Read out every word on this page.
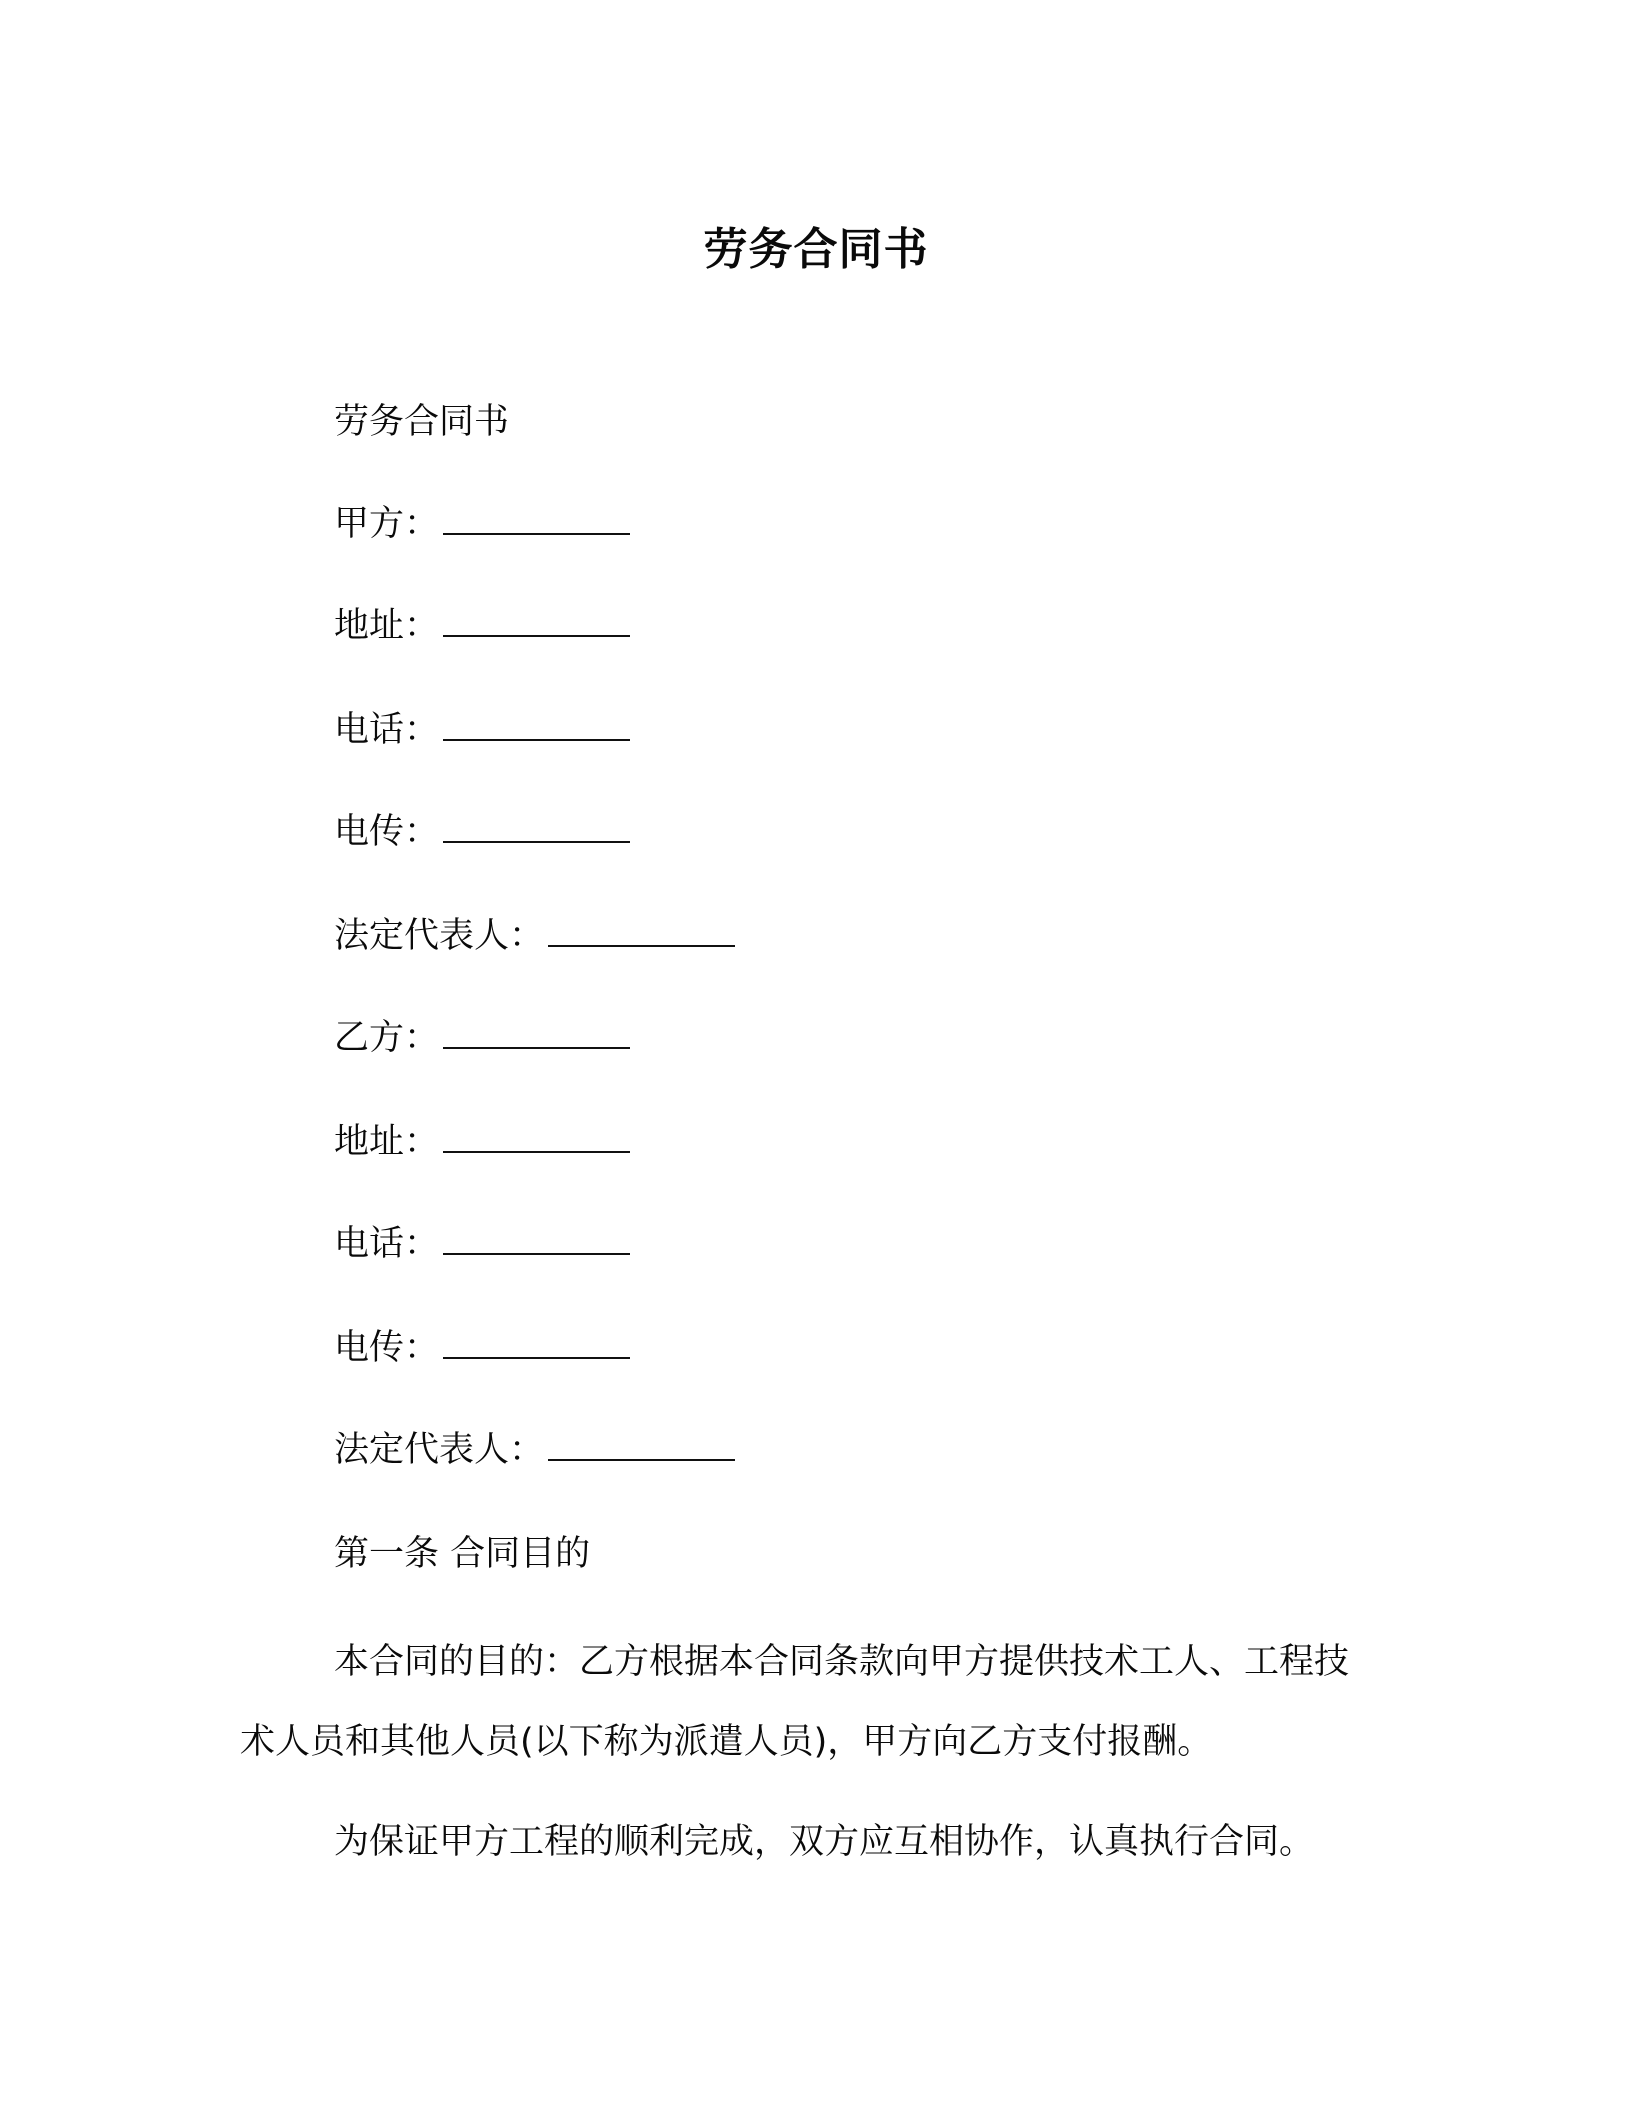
劳务合同书
劳务合同书
甲方：
地址：
电话：
电传：
法定代表人：
乙方：
地址：
电话：
电传：
法定代表人：
第一条 合同目的
本合同的目的：乙方根据本合同条款向甲方提供技术工人、工程技术人员和其他人员(以下称为派遣人员)，甲方向乙方支付报酬。
为保证甲方工程的顺利完成，双方应互相协作，认真执行合同。
